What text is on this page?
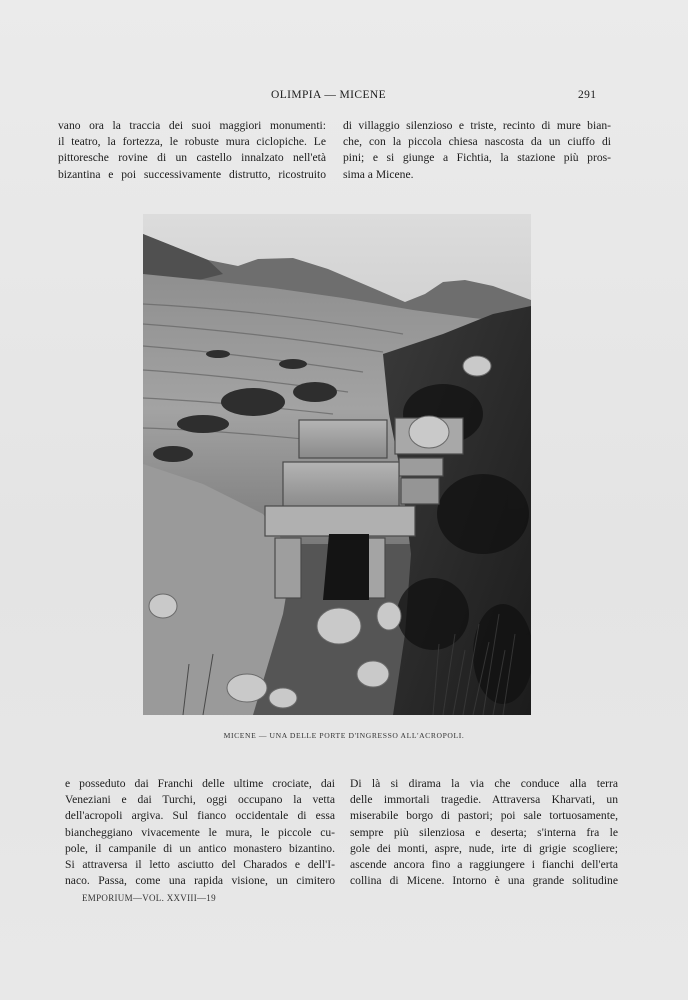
OLIMPIA — MICENE	291
vano ora la traccia dei suoi maggiori monumenti:
il teatro, la fortezza, le robuste mura ciclopiche. Le
pittoresche rovine di un castello innalzato nell'età
bizantina e poi successivamente distrutto, ricostruito
di villaggio silenzioso e triste, recinto di mure bian-
che, con la piccola chiesa nascosta da un ciuffo di
pini; e si giunge a Fichtia, la stazione più pros-
sima a Micene.
MICENE — UNA DELLE PORTE D'INGRESSO ALL'ACROPOLI.
e posseduto dai Franchi delle ultime crociate, dai
Veneziani e dai Turchi, oggi occupano la vetta
dell'acropoli argiva. Sul fianco occidentale di essa
biancheggiano vivacemente le mura, le piccole cu-
pole, il campanile di un antico monastero bizantino.
Si attraversa il letto asciutto del Charados e dell'I-
naco. Passa, come una rapida visione, un cimitero
Di là si dirama la via che conduce alla terra
delle immortali tragedie. Attraversa Kharvati, un
miserabile borgo di pastori; poi sale tortuosamente,
sempre più silenziosa e deserta; s'interna fra le
gole dei monti, aspre, nude, irte di grigie scogliere;
ascende ancora fino a raggiungere i fianchi dell'erta
collina di Micene. Intorno è una grande solitudine
EMPORIUM—VOL. XXVIII—19
